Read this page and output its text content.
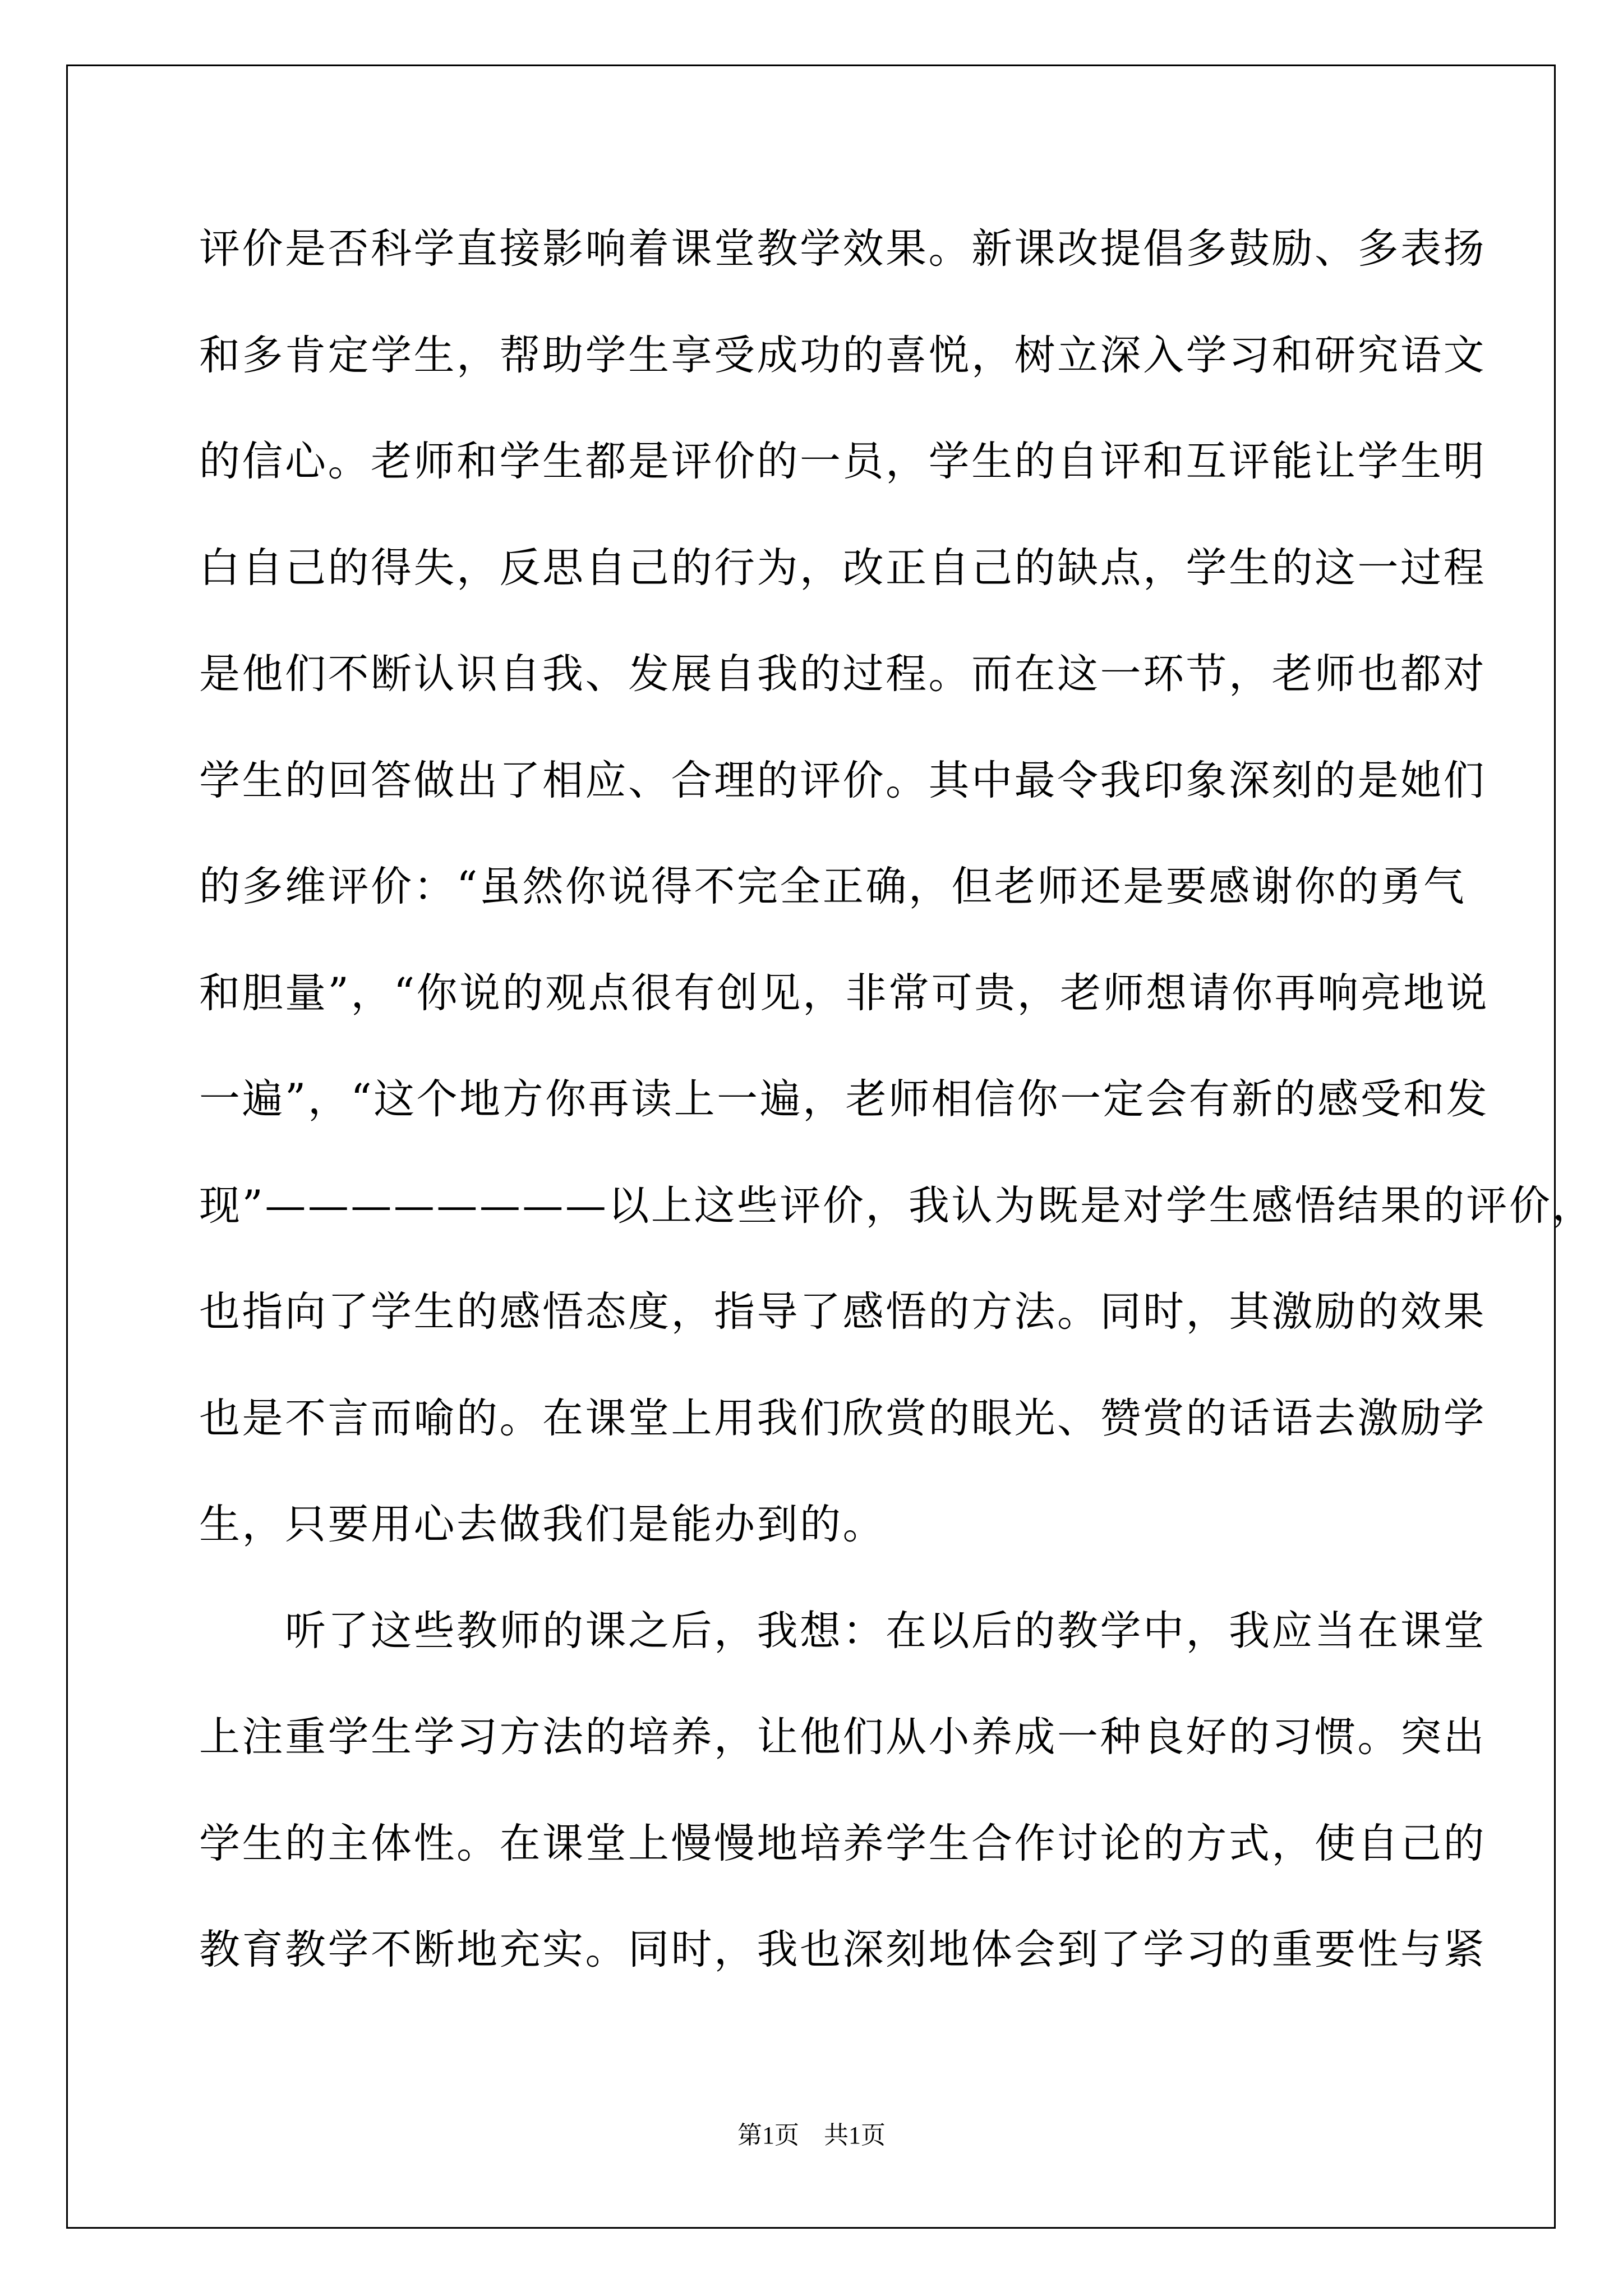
评价是否科学直接影响着课堂教学效果。新课改提倡多鼓励、多表扬
和多肯定学生，帮助学生享受成功的喜悦，树立深入学习和研究语文
的信心。老师和学生都是评价的一员，学生的自评和互评能让学生明
白自己的得失，反思自己的行为，改正自己的缺点，学生的这一过程
是他们不断认识自我、发展自我的过程。而在这一环节，老师也都对
学生的回答做出了相应、合理的评价。其中最令我印象深刻的是她们
的多维评价：“虽然你说得不完全正确，但老师还是要感谢你的勇气
和胆量”，“你说的观点很有创见，非常可贵，老师想请你再响亮地说
一遍”，“这个地方你再读上一遍，老师相信你一定会有新的感受和发
现”————————以上这些评价，我认为既是对学生感悟结果的评价，
也指向了学生的感悟态度，指导了感悟的方法。同时，其激励的效果
也是不言而喻的。在课堂上用我们欣赏的眼光、赞赏的话语去激励学
生，只要用心去做我们是能办到的。
　　听了这些教师的课之后，我想：在以后的教学中，我应当在课堂
上注重学生学习方法的培养，让他们从小养成一种良好的习惯。突出
学生的主体性。在课堂上慢慢地培养学生合作讨论的方式，使自己的
教育教学不断地充实。同时，我也深刻地体会到了学习的重要性与紧
第1页　共1页
